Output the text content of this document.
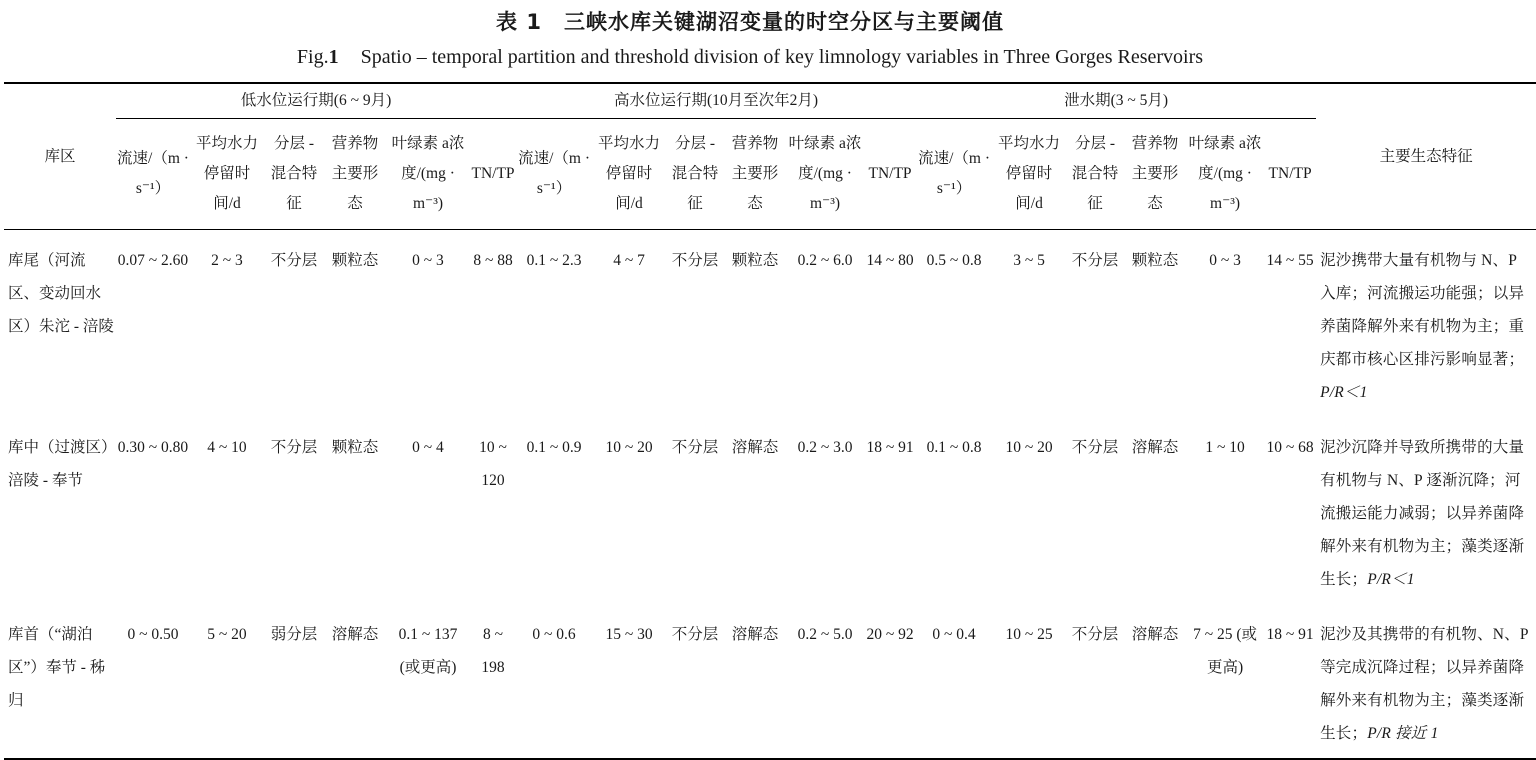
表 1 三峡水库关键湖沼变量的时空分区与主要阈值
Fig.1 Spatio – temporal partition and threshold division of key limnology variables in Three Gorges Reservoirs
库区	低水位运行期(6 ~ 9月)						高水位运行期(10月至次年2月)						泄水期(3 ~ 5月)						主要生态特征
	流速/（m · s⁻¹）	平均水力停留时间/d	分层 - 混合特征	营养物主要形态	叶绿素 a浓度/(mg · m⁻³)	TN/TP	流速/（m · s⁻¹）	平均水力停留时间/d	分层 - 混合特征	营养物主要形态	叶绿素 a浓度/(mg · m⁻³)	TN/TP	流速/（m · s⁻¹）	平均水力停留时间/d	分层 - 混合特征	营养物主要形态	叶绿素 a浓度/(mg · m⁻³)	TN/TP	
库尾（河流区、变动回水区）朱沱 - 涪陵	0.07 ~ 2.60	2 ~ 3	不分层	颗粒态	0 ~ 3	8 ~ 88	0.1 ~ 2.3	4 ~ 7	不分层	颗粒态	0.2 ~ 6.0	14 ~ 80	0.5 ~ 0.8	3 ~ 5	不分层	颗粒态	0 ~ 3	14 ~ 55	泥沙携带大量有机物与 N、P 入库；河流搬运功能强；以异养菌降解外来有机物为主；重庆都市核心区排污影响显著；P/R＜1
库中（过渡区）涪陵 - 奉节	0.30 ~ 0.80	4 ~ 10	不分层	颗粒态	0 ~ 4	10 ~ 120	0.1 ~ 0.9	10 ~ 20	不分层	溶解态	0.2 ~ 3.0	18 ~ 91	0.1 ~ 0.8	10 ~ 20	不分层	溶解态	1 ~ 10	10 ~ 68	泥沙沉降并导致所携带的大量有机物与 N、P 逐渐沉降；河流搬运能力减弱；以异养菌降解外来有机物为主；藻类逐渐生长；P/R＜1
库首（“湖泊区”）奉节 - 秭归	0 ~ 0.50	5 ~ 20	弱分层	溶解态	0.1 ~ 137 (或更高)	8 ~ 198	0 ~ 0.6	15 ~ 30	不分层	溶解态	0.2 ~ 5.0	20 ~ 92	0 ~ 0.4	10 ~ 25	不分层	溶解态	7 ~ 25 (或更高)	18 ~ 91	泥沙及其携带的有机物、N、P 等完成沉降过程；以异养菌降解外来有机物为主；藻类逐渐生长；P/R 接近 1
